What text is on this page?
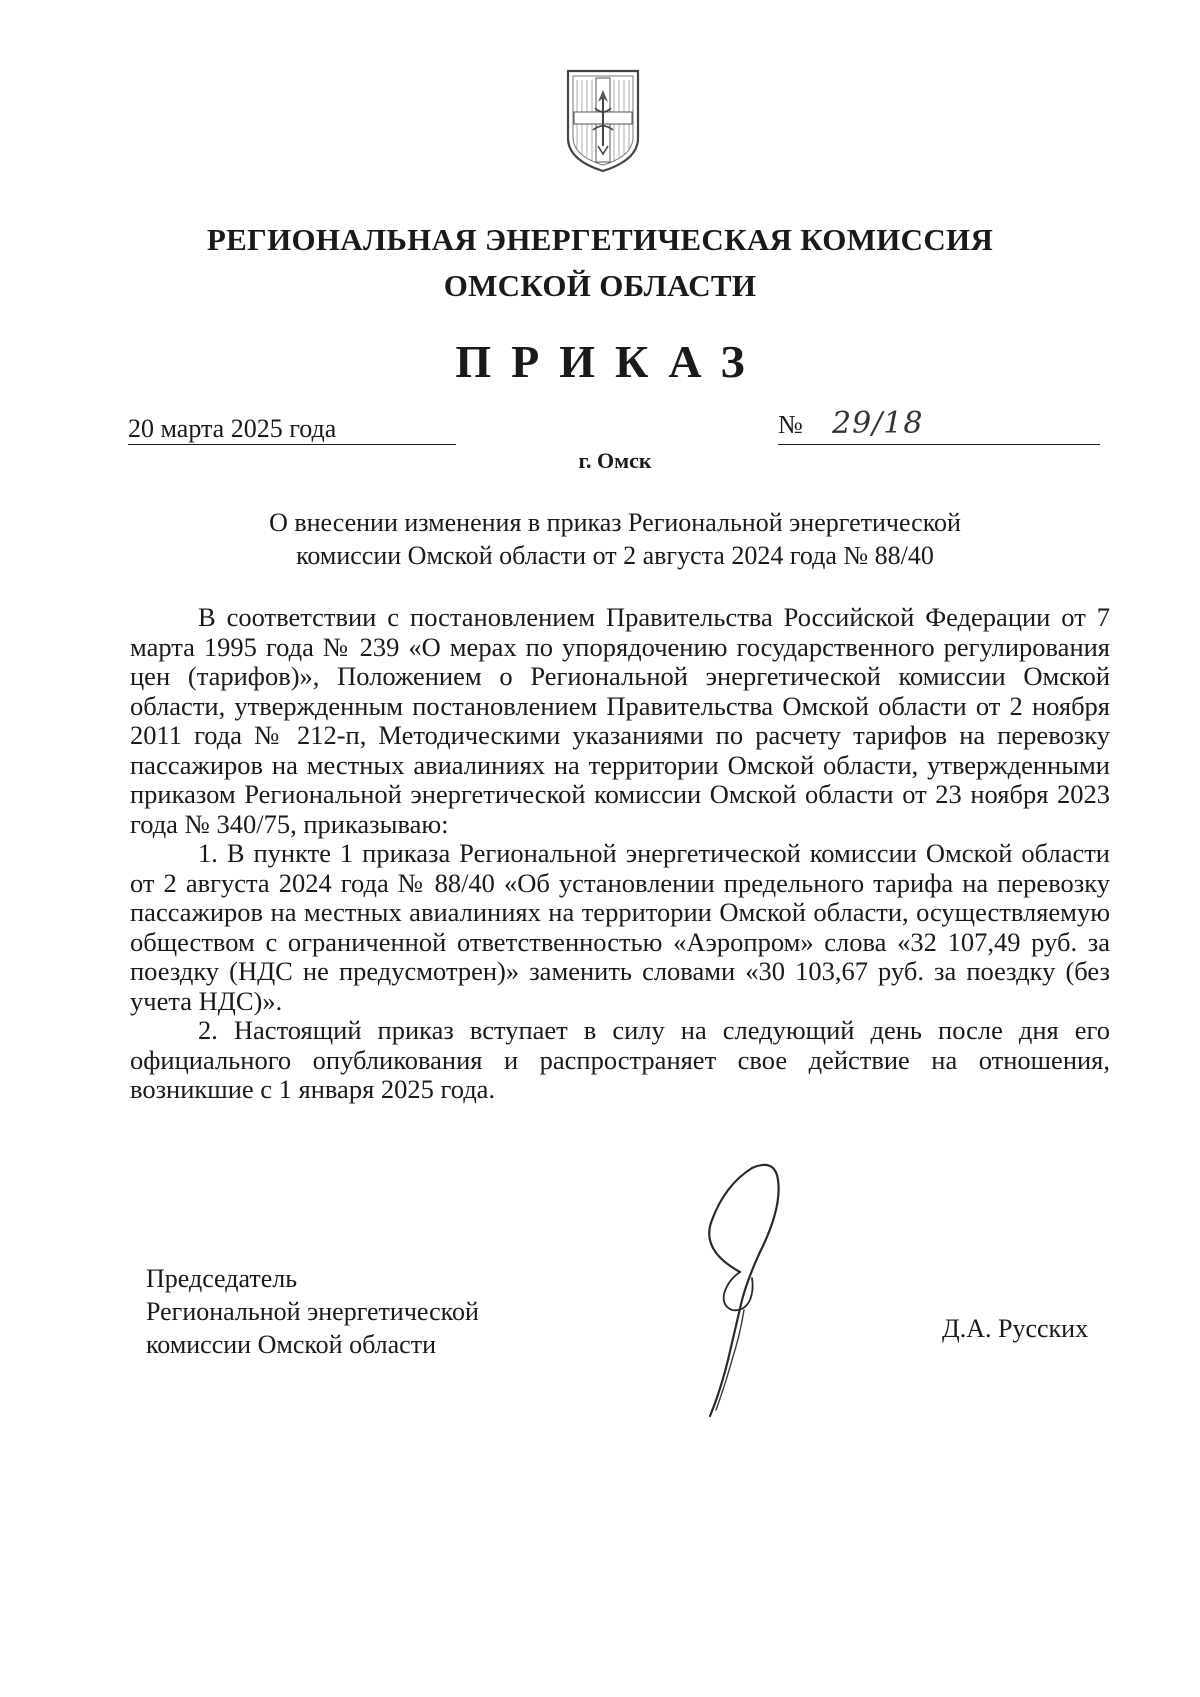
РЕГИОНАЛЬНАЯ ЭНЕРГЕТИЧЕСКАЯ КОМИССИЯ
ОМСКОЙ ОБЛАСТИ
ПРИКАЗ
20 марта 2025 года	№ 29/18
г. Омск
О внесении изменения в приказ Региональной энергетической
комиссии Омской области от 2 августа 2024 года № 88/40

В соответствии с постановлением Правительства Российской Федерации от 7 марта 1995 года № 239 «О мерах по упорядочению государственного регулирования цен (тарифов)», Положением о Региональной энергетической комиссии Омской области, утвержденным постановлением Правительства Омской области от 2 ноября 2011 года № 212-п, Методическими указаниями по расчету тарифов на перевозку пассажиров на местных авиалиниях на территории Омской области, утвержденными приказом Региональной энергетической комиссии Омской области от 23 ноября 2023 года № 340/75, приказываю:

1. В пункте 1 приказа Региональной энергетической комиссии Омской области от 2 августа 2024 года № 88/40 «Об установлении предельного тарифа на перевозку пассажиров на местных авиалиниях на территории Омской области, осуществляемую обществом с ограниченной ответственностью «Аэропром» слова «32 107,49 руб. за поездку (НДС не предусмотрен)» заменить словами «30 103,67 руб. за поездку (без учета НДС)».

2. Настоящий приказ вступает в силу на следующий день после дня его официального опубликования и распространяет свое действие на отношения, возникшие с 1 января 2025 года.

Председатель
Региональной энергетической
комиссии Омской области
Д.А. Русских
